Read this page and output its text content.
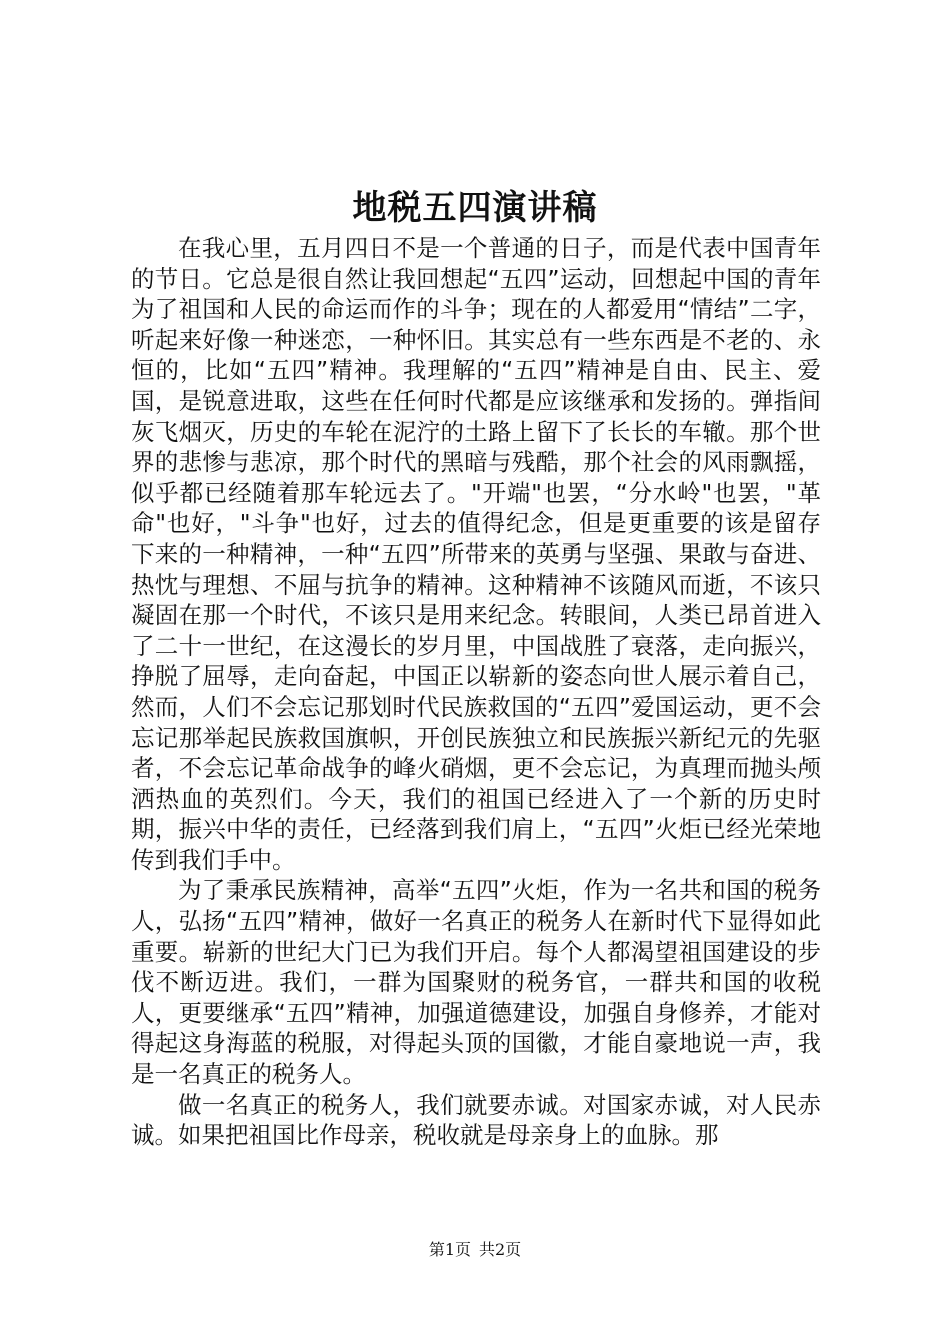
地税五四演讲稿

在我心里，五月四日不是一个普通的日子，而是代表中国青年的节日。它总是很自然让我回想起“五四”运动，回想起中国的青年为了祖国和人民的命运而作的斗争；现在的人都爱用“情结”二字，听起来好像一种迷恋，一种怀旧。其实总有一些东西是不老的、永恒的，比如“五四”精神。我理解的“五四”精神是自由、民主、爱国，是锐意进取，这些在任何时代都是应该继承和发扬的。弹指间灰飞烟灭，历史的车轮在泥泞的土路上留下了长长的车辙。那个世界的悲惨与悲凉，那个时代的黑暗与残酷，那个社会的风雨飘摇，似乎都已经随着那车轮远去了。"开端"也罢，“分水岭"也罢，"革命"也好，"斗争"也好，过去的值得纪念，但是更重要的该是留存下来的一种精神，一种“五四”所带来的英勇与坚强、果敢与奋进、热忱与理想、不屈与抗争的精神。这种精神不该随风而逝，不该只凝固在那一个时代，不该只是用来纪念。转眼间，人类已昂首进入了二十一世纪，在这漫长的岁月里，中国战胜了衰落，走向振兴，挣脱了屈辱，走向奋起，中国正以崭新的姿态向世人展示着自己，然而，人们不会忘记那划时代民族救国的“五四”爱国运动，更不会忘记那举起民族救国旗帜，开创民族独立和民族振兴新纪元的先驱者，不会忘记革命战争的峰火硝烟，更不会忘记，为真理而抛头颅洒热血的英烈们。今天，我们的祖国已经进入了一个新的历史时期，振兴中华的责任，已经落到我们肩上，“五四”火炬已经光荣地传到我们手中。

为了秉承民族精神，高举“五四”火炬，作为一名共和国的税务人，弘扬“五四”精神，做好一名真正的税务人在新时代下显得如此重要。崭新的世纪大门已为我们开启。每个人都渴望祖国建设的步伐不断迈进。我们，一群为国聚财的税务官，一群共和国的收税人，更要继承“五四”精神，加强道德建设，加强自身修养，才能对得起这身海蓝的税服，对得起头顶的国徽，才能自豪地说一声，我是一名真正的税务人。

做一名真正的税务人，我们就要赤诚。对国家赤诚，对人民赤诚。如果把祖国比作母亲，税收就是母亲身上的血脉。那

第1页 共2页
